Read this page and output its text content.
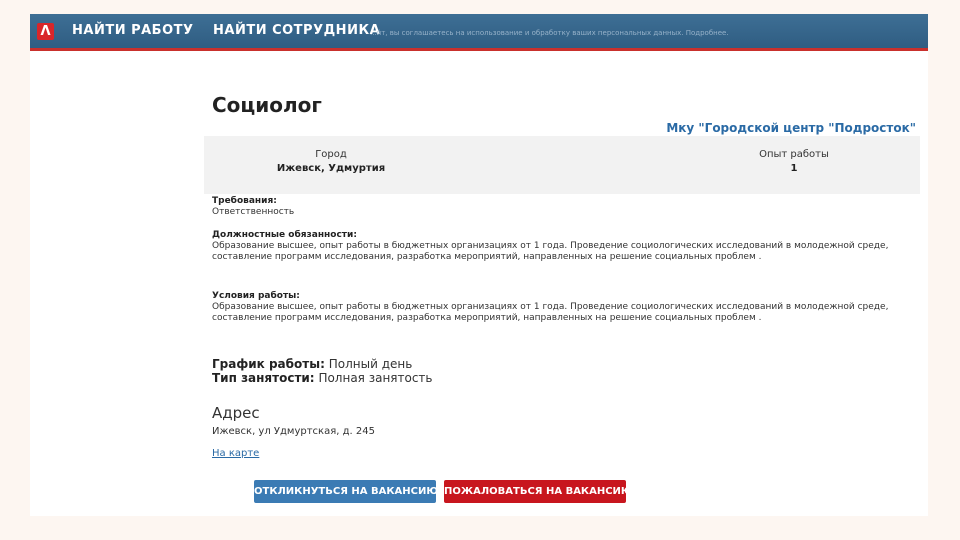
Λ НАЙТИ РАБОТУ НАЙТИ СОТРУДНИКА
...йт, вы соглашаетесь на использование и обработку ваших персональных данных. Подробнее.
Социолог
Мку "Городской центр "Подросток"
Город
Ижевск, Удмуртия
Опыт работы
1
Требования:
Ответственность
Должностные обязанности:
Образование высшее, опыт работы в бюджетных организациях от 1 года. Проведение социологических исследований в молодежной среде, составление программ исследования, разработка мероприятий, направленных на решение социальных проблем .
Условия работы:
Образование высшее, опыт работы в бюджетных организациях от 1 года. Проведение социологических исследований в молодежной среде, составление программ исследования, разработка мероприятий, направленных на решение социальных проблем .
График работы: Полный день
Тип занятости: Полная занятость
Адрес
Ижевск, ул Удмуртская, д. 245
На карте
ОТКЛИКНУТЬСЯ НА ВАКАНСИЮ ПОЖАЛОВАТЬСЯ НА ВАКАНСИЮ
